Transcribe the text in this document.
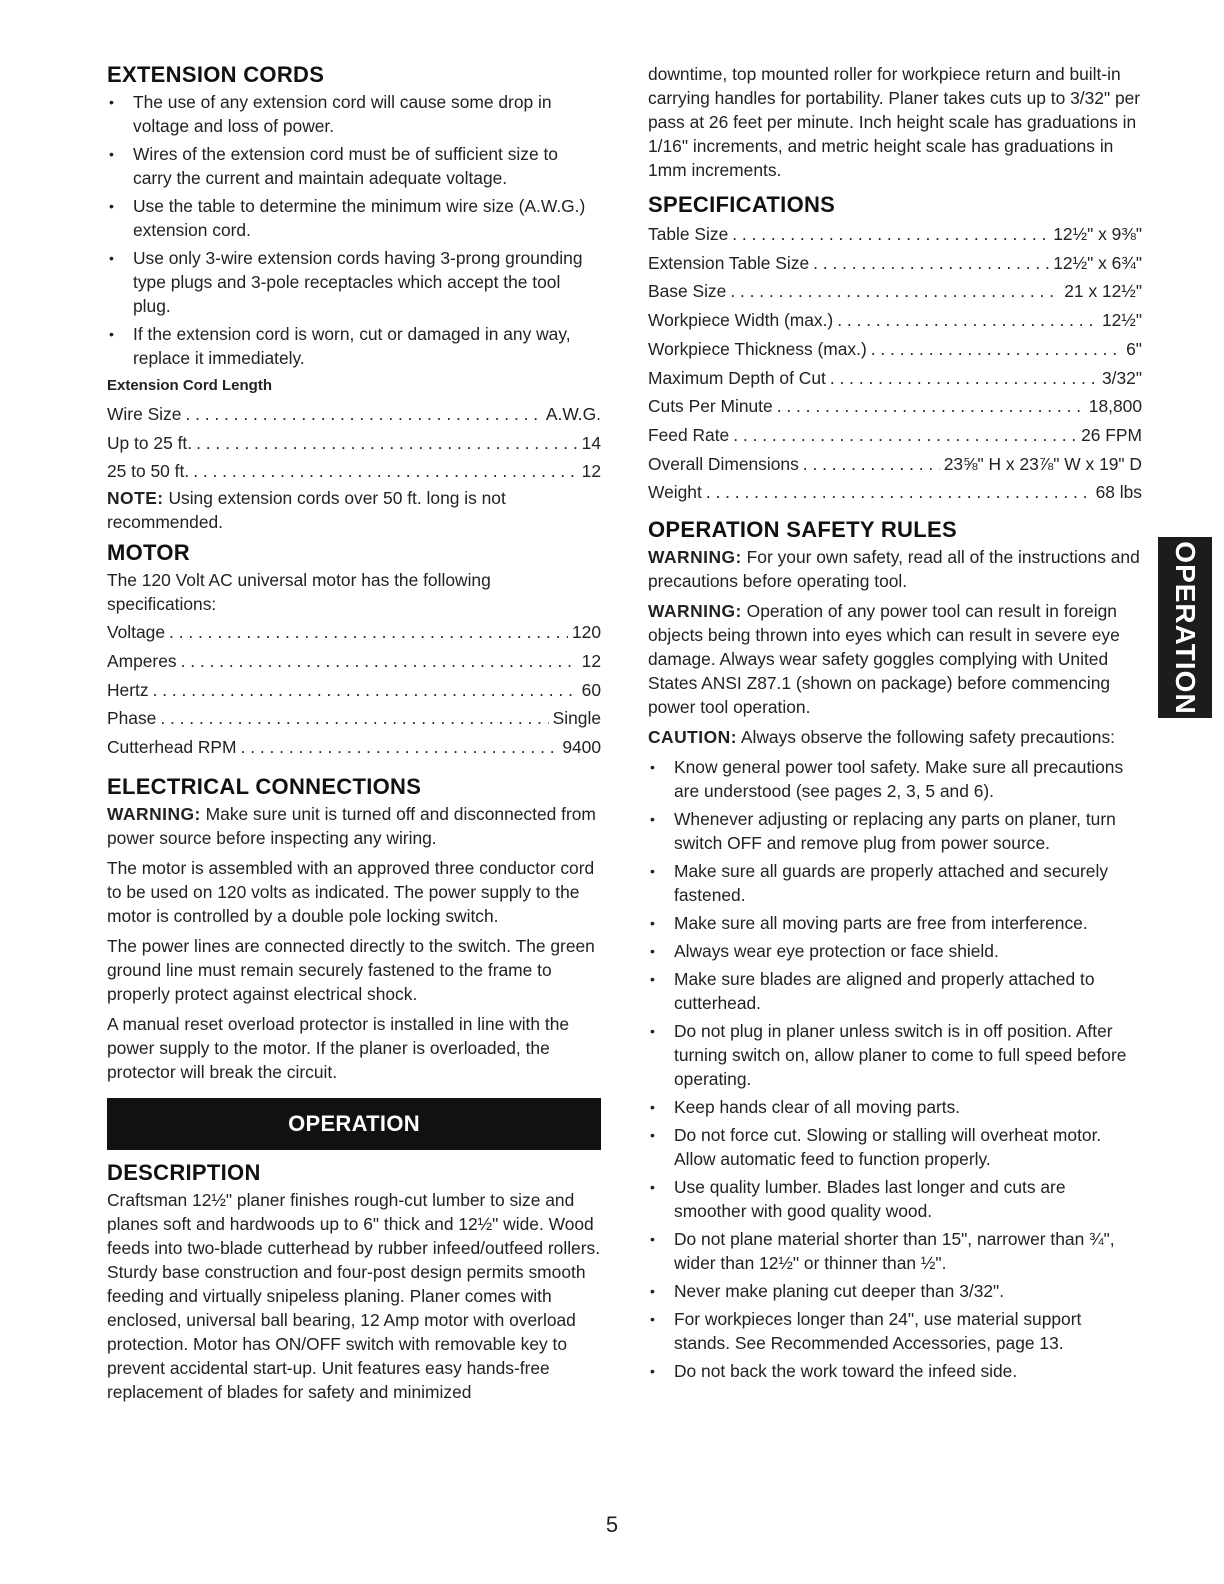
EXTENSION CORDS
• The use of any extension cord will cause some drop in voltage and loss of power.
• Wires of the extension cord must be of sufficient size to carry the current and maintain adequate voltage.
• Use the table to determine the minimum wire size (A.W.G.) extension cord.
• Use only 3-wire extension cords having 3-prong grounding type plugs and 3-pole receptacles which accept the tool plug.
• If the extension cord is worn, cut or damaged in any way, replace it immediately.
Extension Cord Length
Wire Size . . .	A.W.G.
Up to 25 ft. . . .	14
25 to 50 ft. . . .	12

NOTE: Using extension cords over 50 ft. long is not recommended.

MOTOR

The 120 Volt AC universal motor has the following specifications:

Voltage . . .	120
Amperes . . .	12
Hertz . . .	60
Phase . . .	Single
Cutterhead RPM . . .	9400
ELECTRICAL CONNECTIONS

WARNING: Make sure unit is turned off and disconnected from power source before inspecting any wiring.

The motor is assembled with an approved three conductor cord to be used on 120 volts as indicated. The power supply to the motor is controlled by a double pole locking switch.

The power lines are connected directly to the switch. The green ground line must remain securely fastened to the frame to properly protect against electrical shock.

A manual reset overload protector is installed in line with the power supply to the motor. If the planer is overloaded, the protector will break the circuit.

OPERATION
DESCRIPTION

Craftsman 12½" planer finishes rough-cut lumber to size and planes soft and hardwoods up to 6" thick and 12½" wide. Wood feeds into two-blade cutterhead by rubber infeed/outfeed rollers. Sturdy base construction and four-post design permits smooth feeding and virtually snipeless planing. Planer comes with enclosed, universal ball bearing, 12 Amp motor with overload protection. Motor has ON/OFF switch with removable key to prevent accidental start-up. Unit features easy hands-free replacement of blades for safety and minimized

downtime, top mounted roller for workpiece return and built-in carrying handles for portability. Planer takes cuts up to 3/32" per pass at 26 feet per minute. Inch height scale has graduations in 1/16" increments, and metric height scale has graduations in 1mm increments.

SPECIFICATIONS
Table Size . . .	12½" x 9⅜"
Extension Table Size . . .	12½" x 6¾"
Base Size . . .	21 x 12½"
Workpiece Width (max.) . . .	12½"
Workpiece Thickness (max.) . . .	6"
Maximum Depth of Cut . . .	3/32"
Cuts Per Minute . . .	18,800
Feed Rate . . .	26 FPM
Overall Dimensions . . .	23⅝" H x 23⅞" W x 19" D
Weight . . .	68 lbs
OPERATION SAFETY RULES

WARNING: For your own safety, read all of the instructions and precautions before operating tool.

WARNING: Operation of any power tool can result in foreign objects being thrown into eyes which can result in severe eye damage. Always wear safety goggles complying with United States ANSI Z87.1 (shown on package) before commencing power tool operation.

CAUTION: Always observe the following safety precautions:

• Know general power tool safety. Make sure all precautions are understood (see pages 2, 3, 5 and 6).
• Whenever adjusting or replacing any parts on planer, turn switch OFF and remove plug from power source.
• Make sure all guards are properly attached and securely fastened.
• Make sure all moving parts are free from interference.
• Always wear eye protection or face shield.
• Make sure blades are aligned and properly attached to cutterhead.
• Do not plug in planer unless switch is in off position. After turning switch on, allow planer to come to full speed before operating.
• Keep hands clear of all moving parts.
• Do not force cut. Slowing or stalling will overheat motor. Allow automatic feed to function properly.
• Use quality lumber. Blades last longer and cuts are smoother with good quality wood.
• Do not plane material shorter than 15", narrower than ¾", wider than 12½" or thinner than ½".
• Never make planing cut deeper than 3/32".
• For workpieces longer than 24", use material support stands. See Recommended Accessories, page 13.
• Do not back the work toward the infeed side.
OPERATION
5
